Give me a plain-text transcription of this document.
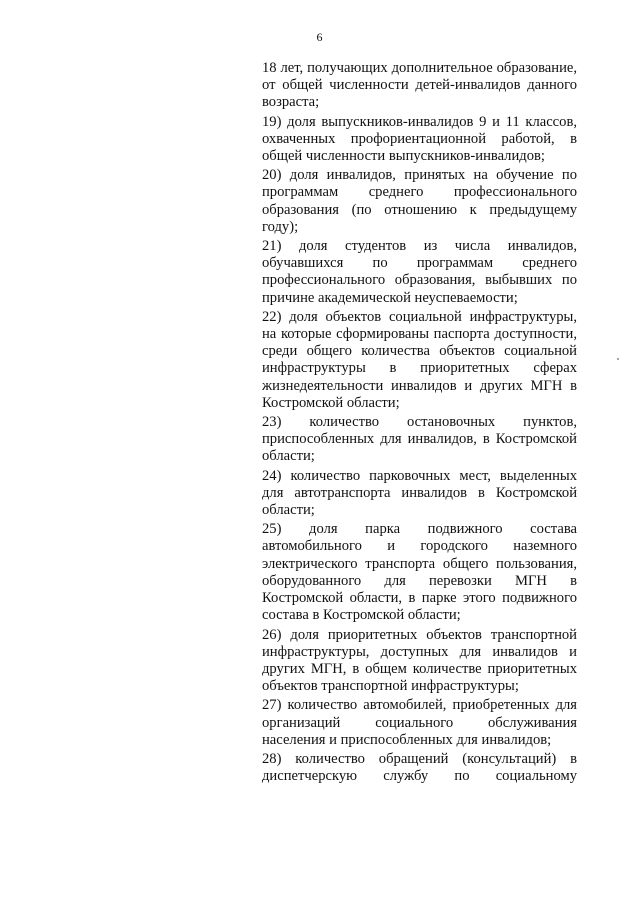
6

18 лет, получающих дополнительное образование, от общей численности детей-инвалидов данного возраста;

19) доля выпускников-инвалидов 9 и 11 классов, охваченных профориентационной работой, в общей численности выпускников-инвалидов;

20) доля инвалидов, принятых на обучение по программам среднего профессионального образования (по отношению к предыдущему году);

21) доля студентов из числа инвалидов, обучавшихся по программам среднего профессионального образования, выбывших по причине академической неуспеваемости;

22) доля объектов социальной инфраструктуры, на которые сформированы паспорта доступности, среди общего количества объектов социальной инфраструктуры в приоритетных сферах жизнедеятельности инвалидов и других МГН в Костромской области;

23) количество остановочных пунктов, приспособленных для инвалидов, в Костромской области;

24) количество парковочных мест, выделенных для автотранспорта инвалидов в Костромской области;

25) доля парка подвижного состава автомобильного и городского наземного электрического транспорта общего пользования, оборудованного для перевозки МГН в Костромской области, в парке этого подвижного состава в Костромской области;

26) доля приоритетных объектов транспортной инфраструктуры, доступных для инвалидов и других МГН, в общем количестве приоритетных объектов транспортной инфраструктуры;

27) количество автомобилей, приобретенных для организаций социального обслуживания населения и приспособленных для инвалидов;

28) количество обращений (консультаций) в диспетчерскую службу по социальному
